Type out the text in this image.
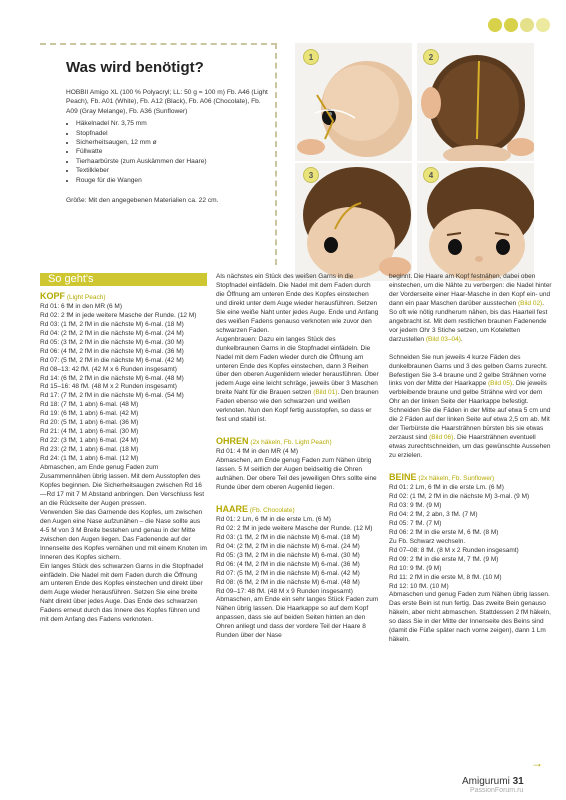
Was wird benötigt?
HOBBII Amigo XL (100 % Polyacryl; LL: 50 g = 100 m) Fb. A46 (Light Peach), Fb. A01 (White), Fb. A12 (Black), Fb. A06 (Chocolate), Fb. A09 (Gray Melange), Fb. A36 (Sunflower)
• Häkelnadel Nr. 3,75 mm
• Stopfnadel
• Sicherheitsaugen, 12 mm ø
• Füllwatte
• Tierhaarbürste (zum Auskämmen der Haare)
• Textilkleber
• Rouge für die Wangen
Größe: Mit den angegebenen Materialien ca. 22 cm.
1	2
3	4
So geht's
KOPF (Light Peach)

Rd 01: 6 fM in den MR (6 M)

Rd 02: 2 fM in jede weitere Masche der Runde. (12 M)

Rd 03: (1 fM, 2 fM in die nächste M) 6-mal. (18 M)

Rd 04: (2 fM, 2 fM in die nächste M) 6-mal. (24 M)

Rd 05: (3 fM, 2 fM in die nächste M) 6-mal. (30 M)

Rd 06: (4 fM, 2 fM in die nächste M) 6-mal. (36 M)

Rd 07: (5 fM, 2 fM in die nächste M) 6-mal. (42 M)

Rd 08–13: 42 fM. (42 M x 6 Runden insgesamt)

Rd 14: (6 fM, 2 fM in die nächste M) 6-mal. (48 M)

Rd 15–16: 48 fM. (48 M x 2 Runden insgesamt)

Rd 17: (7 fM, 2 fM in die nächste M) 6-mal. (54 M)

Rd 18: (7 fM, 1 abn) 6-mal. (48 M)

Rd 19: (6 fM, 1 abn) 6-mal. (42 M)

Rd 20: (5 fM, 1 abn) 6-mal. (36 M)

Rd 21: (4 fM, 1 abn) 6-mal. (30 M)

Rd 22: (3 fM, 1 abn) 6-mal. (24 M)

Rd 23: (2 fM, 1 abn) 6-mal. (18 M)

Rd 24: (1 fM, 1 abn) 6-mal. (12 M)

Abmaschen, am Ende genug Faden zum Zusammennähen übrig lassen. Mit dem Ausstopfen des Kopfes beginnen. Die Sicherheitsaugen zwischen Rd 16—Rd 17 mit 7 M Abstand anbringen. Den Verschluss fest an die Rückseite der Augen pressen.

Verwenden Sie das Garnende des Kopfes, um zwischen den Augen eine Nase aufzunähen – die Nase sollte aus 4-5 M von 3 M Breite bestehen und genau in der Mitte zwischen den Augen liegen. Das Fadenende auf der Innenseite des Kopfes vernähen und mit einem Knoten im Inneren des Kopfes sichern.

Ein langes Stück des schwarzen Garns in die Stopfnadel einfädeln. Die Nadel mit dem Faden durch die Öffnung am unteren Ende des Kopfes einstechen und direkt über dem Auge wieder herausführen. Setzen Sie eine breite Naht direkt über jedes Auge. Das Ende des schwarzen Fadens erneut durch das Innere des Kopfes führen und mit dem Anfang des Fadens verknoten.

Als nächstes ein Stück des weißen Garns in die Stopfnadel einfädeln. Die Nadel mit dem Faden durch die Öffnung am unteren Ende des Kopfes einstechen und direkt unter dem Auge wieder herausführen. Setzen Sie eine weiße Naht unter jedes Auge. Ende und Anfang des weißen Fadens genauso verknoten wie zuvor den schwarzen Faden.

Augenbrauen: Dazu ein langes Stück des dunkelbraunen Garns in die Stopfnadel einfädeln. Die Nadel mit dem Faden wieder durch die Öffnung am unteren Ende des Kopfes einstechen, dann 3 Reihen über den oberen Augenlidern wieder herausführen. Über jedem Auge eine leicht schräge, jeweils über 3 Maschen breite Naht für die Brauen setzen (Bild 01). Den braunen Faden ebenso wie den schwarzen und weißen verknoten. Nun den Kopf fertig ausstopfen, so dass er fest und stabil ist.

OHREN (2x häkeln, Fb. Light Peach)

Rd 01: 4 fM in den MR (4 M)

Abmaschen, am Ende genug Faden zum Nähen übrig lassen. 5 M seitlich der Augen beidseitig die Ohren aufnähen. Der obere Teil des jeweiligen Ohrs sollte eine Runde über dem oberen Augenlid liegen.

HAARE (Fb. Chocolate)

Rd 01: 2 Lm, 6 fM in die erste Lm. (6 M)

Rd 02: 2 fM in jede weitere Masche der Runde. (12 M)

Rd 03: (1 fM, 2 fM in die nächste M) 6-mal. (18 M)

Rd 04: (2 fM, 2 fM in die nächste M) 6-mal. (24 M)

Rd 05: (3 fM, 2 fM in die nächste M) 6-mal. (30 M)

Rd 06: (4 fM, 2 fM in die nächste M) 6-mal. (36 M)

Rd 07: (5 fM, 2 fM in die nächste M) 6-mal. (42 M)

Rd 08: (6 fM, 2 fM in die nächste M) 6-mal. (48 M)

Rd 09–17: 48 fM. (48 M x 9 Runden insgesamt)

Abmaschen, am Ende ein sehr langes Stück Faden zum Nähen übrig lassen. Die Haarkappe so auf dem Kopf anpassen, dass sie auf beiden Seiten hinten an den Ohren anliegt und dass der vordere Teil der Haare 8 Runden über der Nase

beginnt. Die Haare am Kopf festnähen, dabei oben einstechen, um die Nähte zu verbergen: die Nadel hinter der Vorderseite einer Haar-Masche in den Kopf ein- und dann ein paar Maschen darüber ausstechen (Bild 02). So oft wie nötig rundherum nähen, bis das Haarteil fest angebracht ist. Mit dem restlichen braunen Fadenende vor jedem Ohr 3 Stiche setzen, um Koteletten darzustellen (Bild 03–04).

Schneiden Sie nun jeweils 4 kurze Fäden des dunkelbraunen Garns und 3 des gelben Garns zurecht. Befestigen Sie 3-4 braune und 2 gelbe Strähnen vorne links von der Mitte der Haarkappe (Bild 05). Die jeweils verbleibende braune und gelbe Strähne wird vor dem Ohr an der linken Seite der Haarkappe befestigt. Schneiden Sie die Fäden in der Mitte auf etwa 5 cm und die 2 Fäden auf der linken Seite auf etwa 2,5 cm ab. Mit der Tierbürste die Haarsträhnen bürsten bis sie etwas zerzaust sind (Bild 06). Die Haarsträhnen eventuell etwas zurechtschneiden, um das gewünschte Aussehen zu erzielen.

BEINE (2x häkeln, Fb. Sunflower)

Rd 01: 2 Lm, 6 fM in die erste Lm. (6 M)

Rd 02: (1 fM, 2 fM in die nächste M) 3-mal. (9 M)

Rd 03: 9 fM. (9 M)

Rd 04: 2 fM, 2 abn, 3 fM. (7 M)

Rd 05: 7 fM. (7 M)

Rd 06: 2 fM in die erste M, 6 fM. (8 M)

Zu Fb. Schwarz wechseln.

Rd 07–08: 8 fM. (8 M x 2 Runden insgesamt)

Rd 09: 2 fM in die erste M, 7 fM. (9 M)

Rd 10: 9 fM. (9 M)

Rd 11: 2 fM in die erste M, 8 fM. (10 M)

Rd 12: 10 fM. (10 M)

Abmaschen und genug Faden zum Nähen übrig lassen. Das erste Bein ist nun fertig. Das zweite Bein genauso häkeln, aber nicht abmaschen. Stattdessen 2 fM häkeln, so dass Sie in der Mitte der Innenseite des Beins sind (damit die Füße später nach vorne zeigen), dann 1 Lm häkeln.

→
Amigurumi 31
PassionForum.ru
